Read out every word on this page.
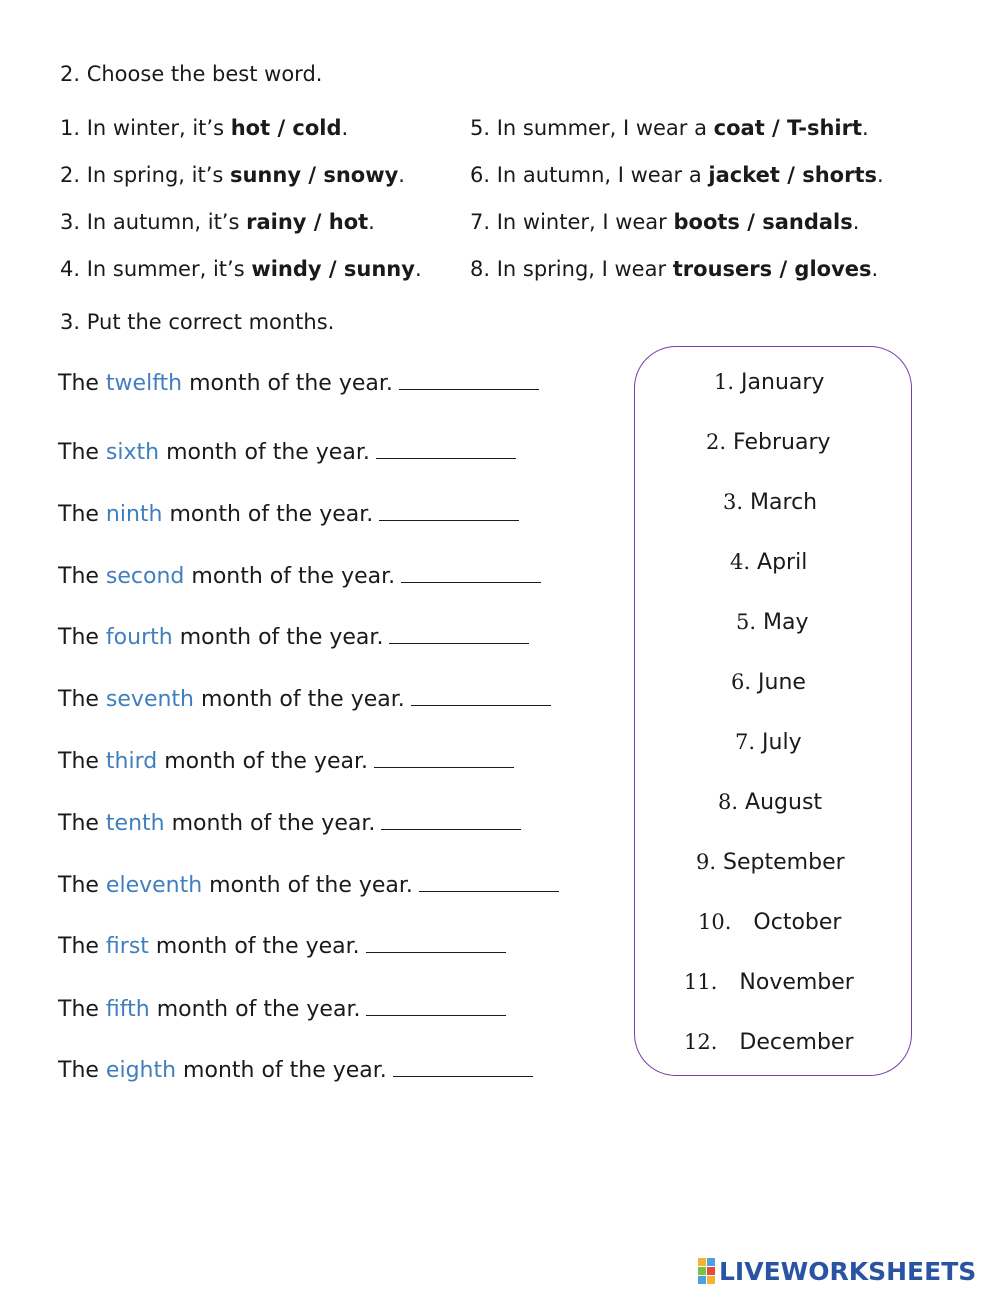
2. Choose the best word.
1. In winter, it’s hot / cold.
2. In spring, it’s sunny / snowy.
3. In autumn, it’s rainy / hot.
4. In summer, it’s windy / sunny.
5. In summer, I wear a coat / T-shirt.
6. In autumn, I wear a jacket / shorts.
7. In winter, I wear boots / sandals.
8. In spring, I wear trousers / gloves.
3. Put the correct months.
The twelfth month of the year.
The sixth month of the year.
The ninth month of the year.
The second month of the year.
The fourth month of the year.
The seventh month of the year.
The third month of the year.
The tenth month of the year.
The eleventh month of the year.
The first month of the year.
The fifth month of the year.
The eighth month of the year.
1. January
2. February
3. March
4. April
5. May
6. June
7. July
8. August
9. September
10. October
11. November
12. December
LIVEWORKSHEETS
